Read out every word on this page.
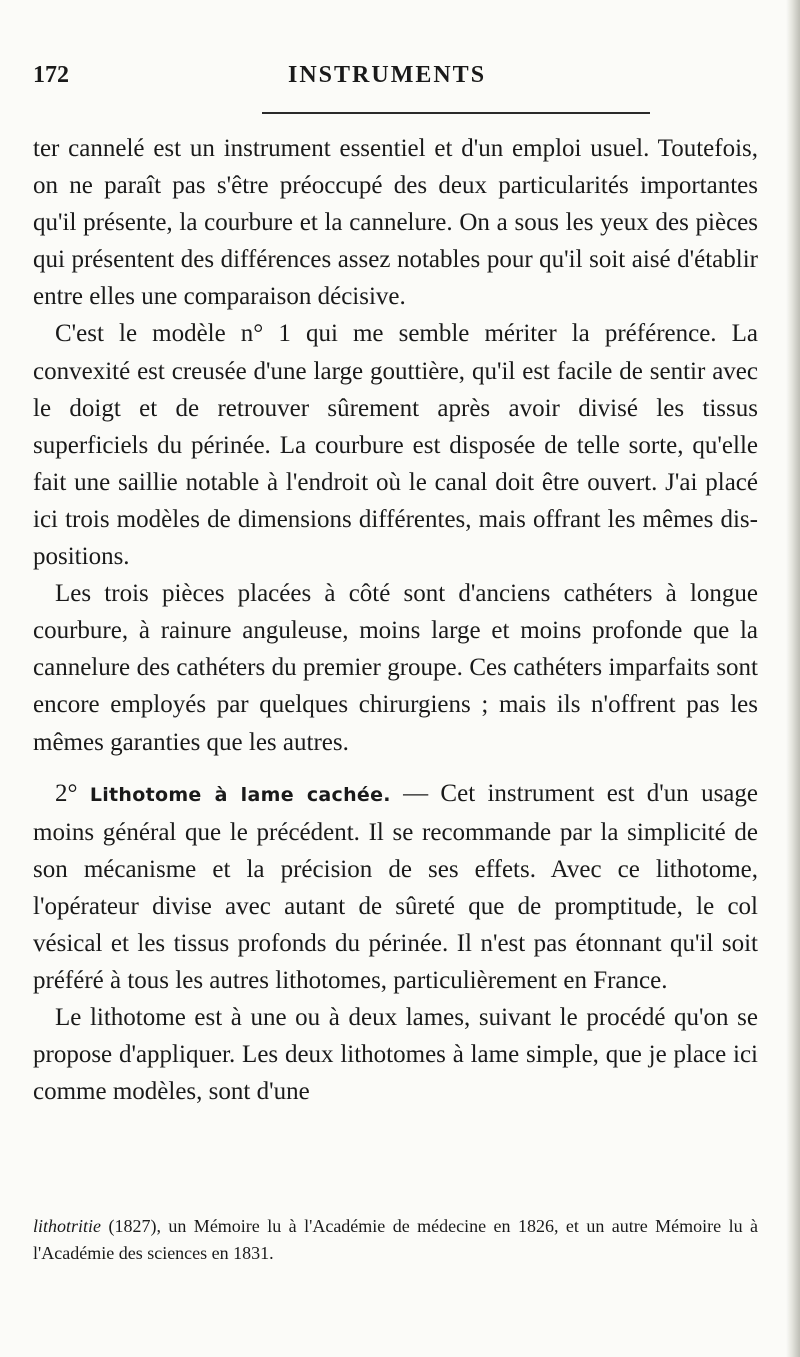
172	INSTRUMENTS

ter cannelé est un instrument essentiel et d'un emploi usuel. Toutefois, on ne paraît pas s'être préoccupé des deux particularités importantes qu'il présente, la courbure et la cannelure. On a sous les yeux des pièces qui présentent des différences assez notables pour qu'il soit aisé d'établir entre elles une comparaison décisive.

C'est le modèle n° 1 qui me semble mériter la préférence. La convexité est creusée d'une large gouttière, qu'il est facile de sentir avec le doigt et de retrouver sûrement après avoir divisé les tissus superficiels du périnée. La courbure est disposée de telle sorte, qu'elle fait une saillie notable à l'endroit où le canal doit être ouvert. J'ai placé ici trois modèles de dimensions différentes, mais offrant les mêmes dispositions.

Les trois pièces placées à côté sont d'anciens cathéters à longue courbure, à rainure anguleuse, moins large et moins profonde que la cannelure des cathéters du premier groupe. Ces cathéters imparfaits sont encore employés par quelques chirurgiens ; mais ils n'offrent pas les mêmes garanties que les autres.

2° Lithotome à lame cachée. — Cet instrument est d'un usage moins général que le précédent. Il se recommande par la simplicité de son mécanisme et la précision de ses effets. Avec ce lithotome, l'opérateur divise avec autant de sûreté que de promptitude, le col vésical et les tissus profonds du périnée. Il n'est pas étonnant qu'il soit préféré à tous les autres lithotomes, particulièrement en France.

Le lithotome est à une ou à deux lames, suivant le procédé qu'on se propose d'appliquer. Les deux lithotomes à lame simple, que je place ici comme modèles, sont d'une

lithotritie (1827), un Mémoire lu à l'Académie de médecine en 1826, et un autre Mémoire lu à l'Académie des sciences en 1831.
